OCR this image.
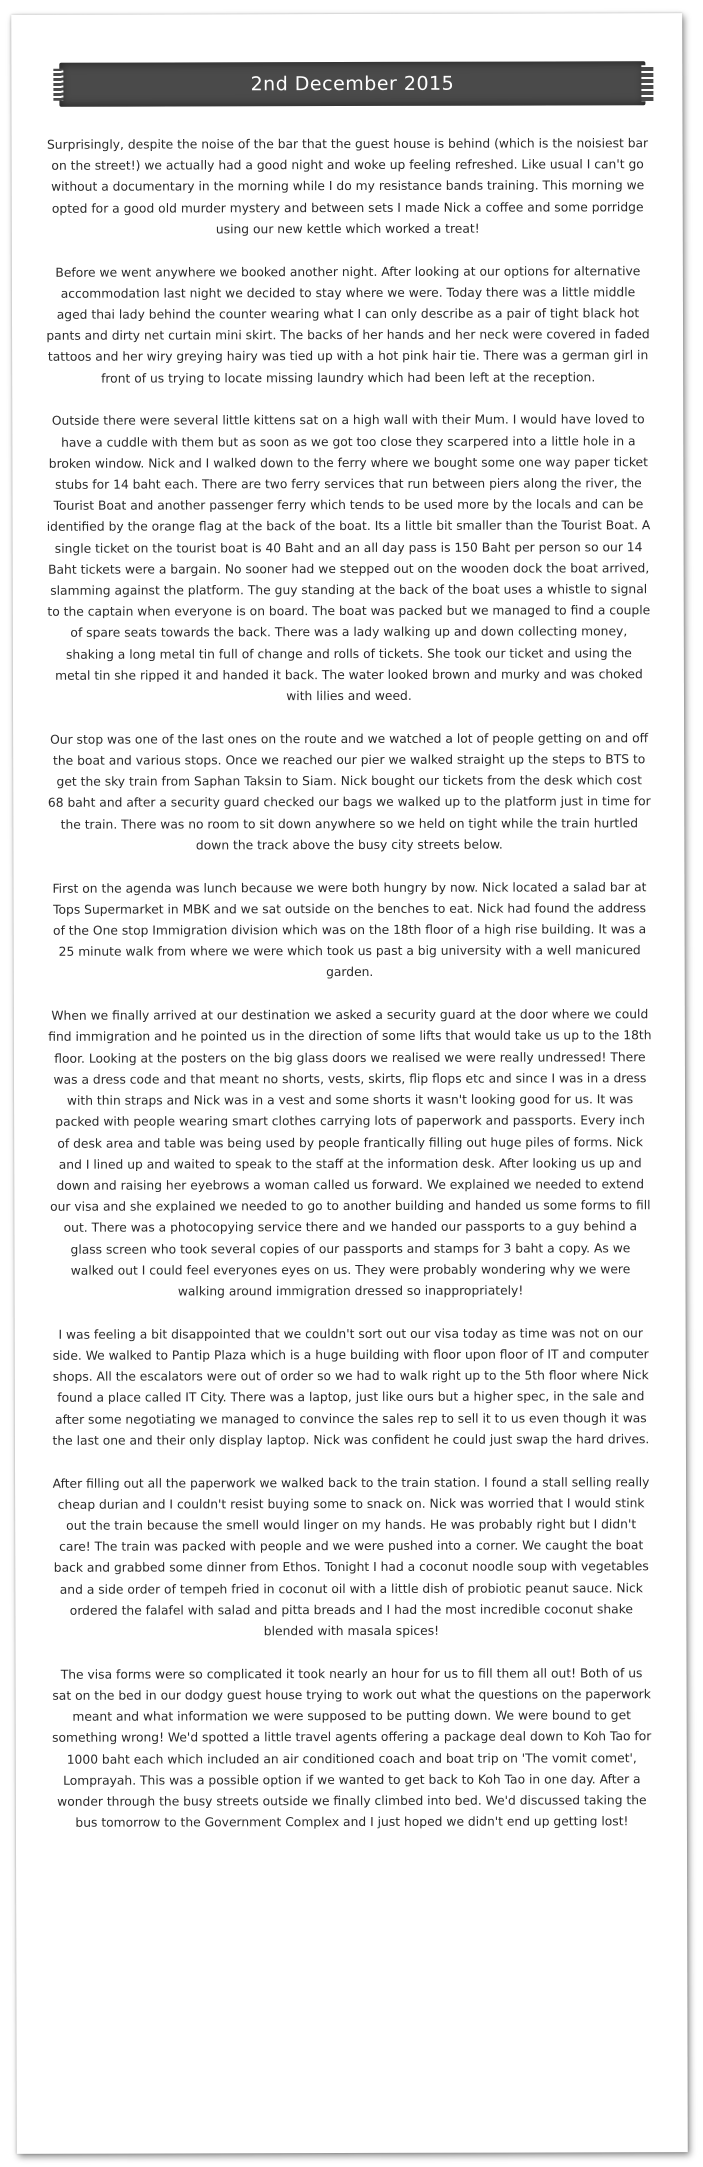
2nd December 2015

Surprisingly, despite the noise of the bar that the guest house is behind (which is the noisiest bar on the street!) we actually had a good night and woke up feeling refreshed. Like usual I can't go without a documentary in the morning while I do my resistance bands training. This morning we opted for a good old murder mystery and between sets I made Nick a coffee and some porridge using our new kettle which worked a treat!

Before we went anywhere we booked another night. After looking at our options for alternative accommodation last night we decided to stay where we were. Today there was a little middle aged thai lady behind the counter wearing what I can only describe as a pair of tight black hot pants and dirty net curtain mini skirt. The backs of her hands and her neck were covered in faded tattoos and her wiry greying hairy was tied up with a hot pink hair tie. There was a german girl in front of us trying to locate missing laundry which had been left at the reception.

Outside there were several little kittens sat on a high wall with their Mum. I would have loved to have a cuddle with them but as soon as we got too close they scarpered into a little hole in a broken window. Nick and I walked down to the ferry where we bought some one way paper ticket stubs for 14 baht each. There are two ferry services that run between piers along the river, the Tourist Boat and another passenger ferry which tends to be used more by the locals and can be identified by the orange flag at the back of the boat. Its a little bit smaller than the Tourist Boat. A single ticket on the tourist boat is 40 Baht and an all day pass is 150 Baht per person so our 14 Baht tickets were a bargain. No sooner had we stepped out on the wooden dock the boat arrived, slamming against the platform. The guy standing at the back of the boat uses a whistle to signal to the captain when everyone is on board. The boat was packed but we managed to find a couple of spare seats towards the back. There was a lady walking up and down collecting money, shaking a long metal tin full of change and rolls of tickets. She took our ticket and using the metal tin she ripped it and handed it back. The water looked brown and murky and was choked with lilies and weed.

Our stop was one of the last ones on the route and we watched a lot of people getting on and off the boat and various stops. Once we reached our pier we walked straight up the steps to BTS to get the sky train from Saphan Taksin to Siam. Nick bought our tickets from the desk which cost 68 baht and after a security guard checked our bags we walked up to the platform just in time for the train. There was no room to sit down anywhere so we held on tight while the train hurtled down the track above the busy city streets below.

First on the agenda was lunch because we were both hungry by now. Nick located a salad bar at Tops Supermarket in MBK and we sat outside on the benches to eat. Nick had found the address of the One stop Immigration division which was on the 18th floor of a high rise building. It was a 25 minute walk from where we were which took us past a big university with a well manicured garden.

When we finally arrived at our destination we asked a security guard at the door where we could find immigration and he pointed us in the direction of some lifts that would take us up to the 18th floor. Looking at the posters on the big glass doors we realised we were really undressed! There was a dress code and that meant no shorts, vests, skirts, flip flops etc and since I was in a dress with thin straps and Nick was in a vest and some shorts it wasn't looking good for us. It was packed with people wearing smart clothes carrying lots of paperwork and passports. Every inch of desk area and table was being used by people frantically filling out huge piles of forms. Nick and I lined up and waited to speak to the staff at the information desk. After looking us up and down and raising her eyebrows a woman called us forward. We explained we needed to extend our visa and she explained we needed to go to another building and handed us some forms to fill out. There was a photocopying service there and we handed our passports to a guy behind a glass screen who took several copies of our passports and stamps for 3 baht a copy. As we walked out I could feel everyones eyes on us. They were probably wondering why we were walking around immigration dressed so inappropriately!

I was feeling a bit disappointed that we couldn't sort out our visa today as time was not on our side. We walked to Pantip Plaza which is a huge building with floor upon floor of IT and computer shops. All the escalators were out of order so we had to walk right up to the 5th floor where Nick found a place called IT City. There was a laptop, just like ours but a higher spec, in the sale and after some negotiating we managed to convince the sales rep to sell it to us even though it was the last one and their only display laptop. Nick was confident he could just swap the hard drives.

After filling out all the paperwork we walked back to the train station. I found a stall selling really cheap durian and I couldn't resist buying some to snack on. Nick was worried that I would stink out the train because the smell would linger on my hands. He was probably right but I didn't care! The train was packed with people and we were pushed into a corner. We caught the boat back and grabbed some dinner from Ethos. Tonight I had a coconut noodle soup with vegetables and a side order of tempeh fried in coconut oil with a little dish of probiotic peanut sauce. Nick ordered the falafel with salad and pitta breads and I had the most incredible coconut shake blended with masala spices!

The visa forms were so complicated it took nearly an hour for us to fill them all out! Both of us sat on the bed in our dodgy guest house trying to work out what the questions on the paperwork meant and what information we were supposed to be putting down. We were bound to get something wrong! We'd spotted a little travel agents offering a package deal down to Koh Tao for 1000 baht each which included an air conditioned coach and boat trip on 'The vomit comet', Lomprayah. This was a possible option if we wanted to get back to Koh Tao in one day. After a wonder through the busy streets outside we finally climbed into bed. We'd discussed taking the bus tomorrow to the Government Complex and I just hoped we didn't end up getting lost!
